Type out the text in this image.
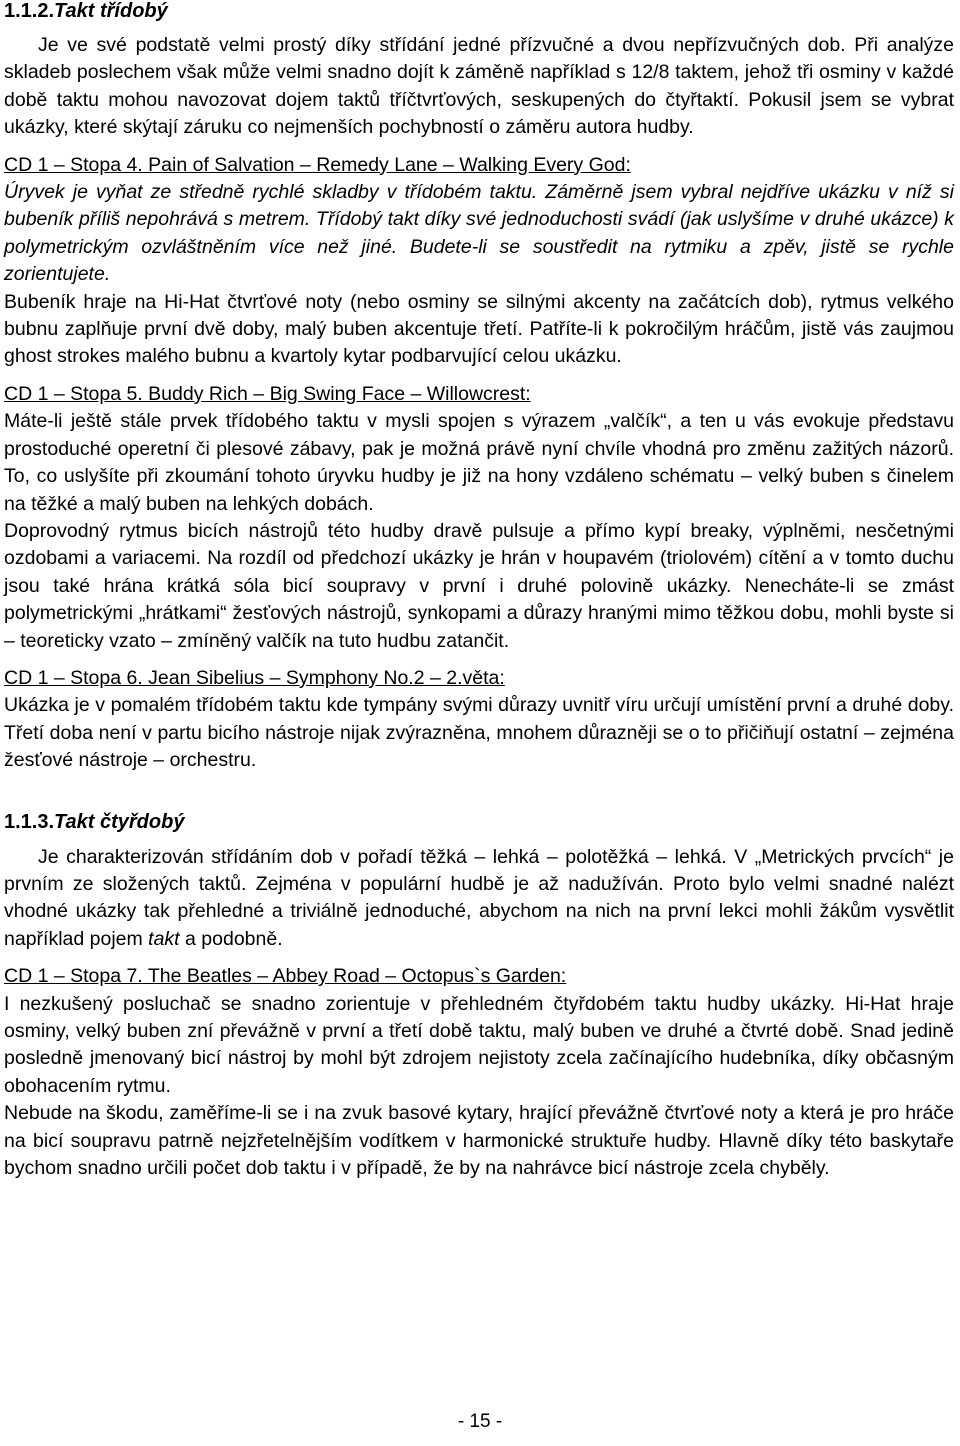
1.1.2.Takt třídobý

Je ve své podstatě velmi prostý díky střídání jedné přízvučné a dvou nepřízvučných dob. Při analýze skladeb poslechem však může velmi snadno dojít k záměně například s 12/8 taktem, jehož tři osminy v každé době taktu mohou navozovat dojem taktů tříčtvrťových, seskupených do čtyřtaktí. Pokusil jsem se vybrat ukázky, které skýtají záruku co nejmenších pochybností o záměru autora hudby.

CD 1 – Stopa 4. Pain of Salvation – Remedy Lane – Walking Every God:

Úryvek je vyňat ze středně rychlé skladby v třídobém taktu. Záměrně jsem vybral nejdříve ukázku v níž si bubeník příliš nepohrává s metrem. Třídobý takt díky své jednoduchosti svádí (jak uslyšíme v druhé ukázce) k polymetrickým ozvláštněním více než jiné. Budete-li se soustředit na rytmiku a zpěv, jistě se rychle zorientujete.

Bubeník hraje na Hi-Hat čtvrťové noty (nebo osminy se silnými akcenty na začátcích dob), rytmus velkého bubnu zaplňuje první dvě doby, malý buben akcentuje třetí. Patříte-li k pokročilým hráčům, jistě vás zaujmou ghost strokes malého bubnu a kvartoly kytar podbarvující celou ukázku.

CD 1 – Stopa 5. Buddy Rich – Big Swing Face – Willowcrest:

Máte-li ještě stále prvek třídobého taktu v mysli spojen s výrazem „valčík“, a ten u vás evokuje představu prostoduché operetní či plesové zábavy, pak je možná právě nyní chvíle vhodná pro změnu zažitých názorů. To, co uslyšíte při zkoumání tohoto úryvku hudby je již na hony vzdáleno schématu – velký buben s činelem na těžké a malý buben na lehkých dobách.

Doprovodný rytmus bicích nástrojů této hudby dravě pulsuje a přímo kypí breaky, výplněmi, nesčetnými ozdobami a variacemi. Na rozdíl od předchozí ukázky je hrán v houpavém (triolovém) cítění a v tomto duchu jsou také hrána krátká sóla bicí soupravy v první i druhé polovině ukázky. Nenecháte-li se zmást polymetrickými „hrátkami“ žesťových nástrojů, synkopami a důrazy hranými mimo těžkou dobu, mohli byste si – teoreticky vzato – zmíněný valčík na tuto hudbu zatančit.

CD 1 – Stopa 6. Jean Sibelius – Symphony No.2 – 2.věta:

Ukázka je v pomalém třídobém taktu kde tympány svými důrazy uvnitř víru určují umístění první a druhé doby. Třetí doba není v partu bicího nástroje nijak zvýrazněna, mnohem důrazněji se o to přičiňují ostatní – zejména žesťové nástroje – orchestru.

1.1.3.Takt čtyřdobý

Je charakterizován střídáním dob v pořadí těžká – lehká – polotěžká – lehká. V „Metrických prvcích“ je prvním ze složených taktů. Zejména v populární hudbě je až nadužíván. Proto bylo velmi snadné nalézt vhodné ukázky tak přehledné a triviálně jednoduché, abychom na nich na první lekci mohli žákům vysvětlit například pojem takt a podobně.

CD 1 – Stopa 7. The Beatles – Abbey Road – Octopus`s Garden:

I nezkušený posluchač se snadno zorientuje v přehledném čtyřdobém taktu hudby ukázky. Hi-Hat hraje osminy, velký buben zní převážně v první a třetí době taktu, malý buben ve druhé a čtvrté době. Snad jedině posledně jmenovaný bicí nástroj by mohl být zdrojem nejistoty zcela začínajícího hudebníka, díky občasným obohacením rytmu.

Nebude na škodu, zaměříme-li se i na zvuk basové kytary, hrající převážně čtvrťové noty a která je pro hráče na bicí soupravu patrně nejzřetelnějším vodítkem v harmonické struktuře hudby. Hlavně díky této baskytaře bychom snadno určili počet dob taktu i v případě, že by na nahrávce bicí nástroje zcela chyběly.

- 15 -
